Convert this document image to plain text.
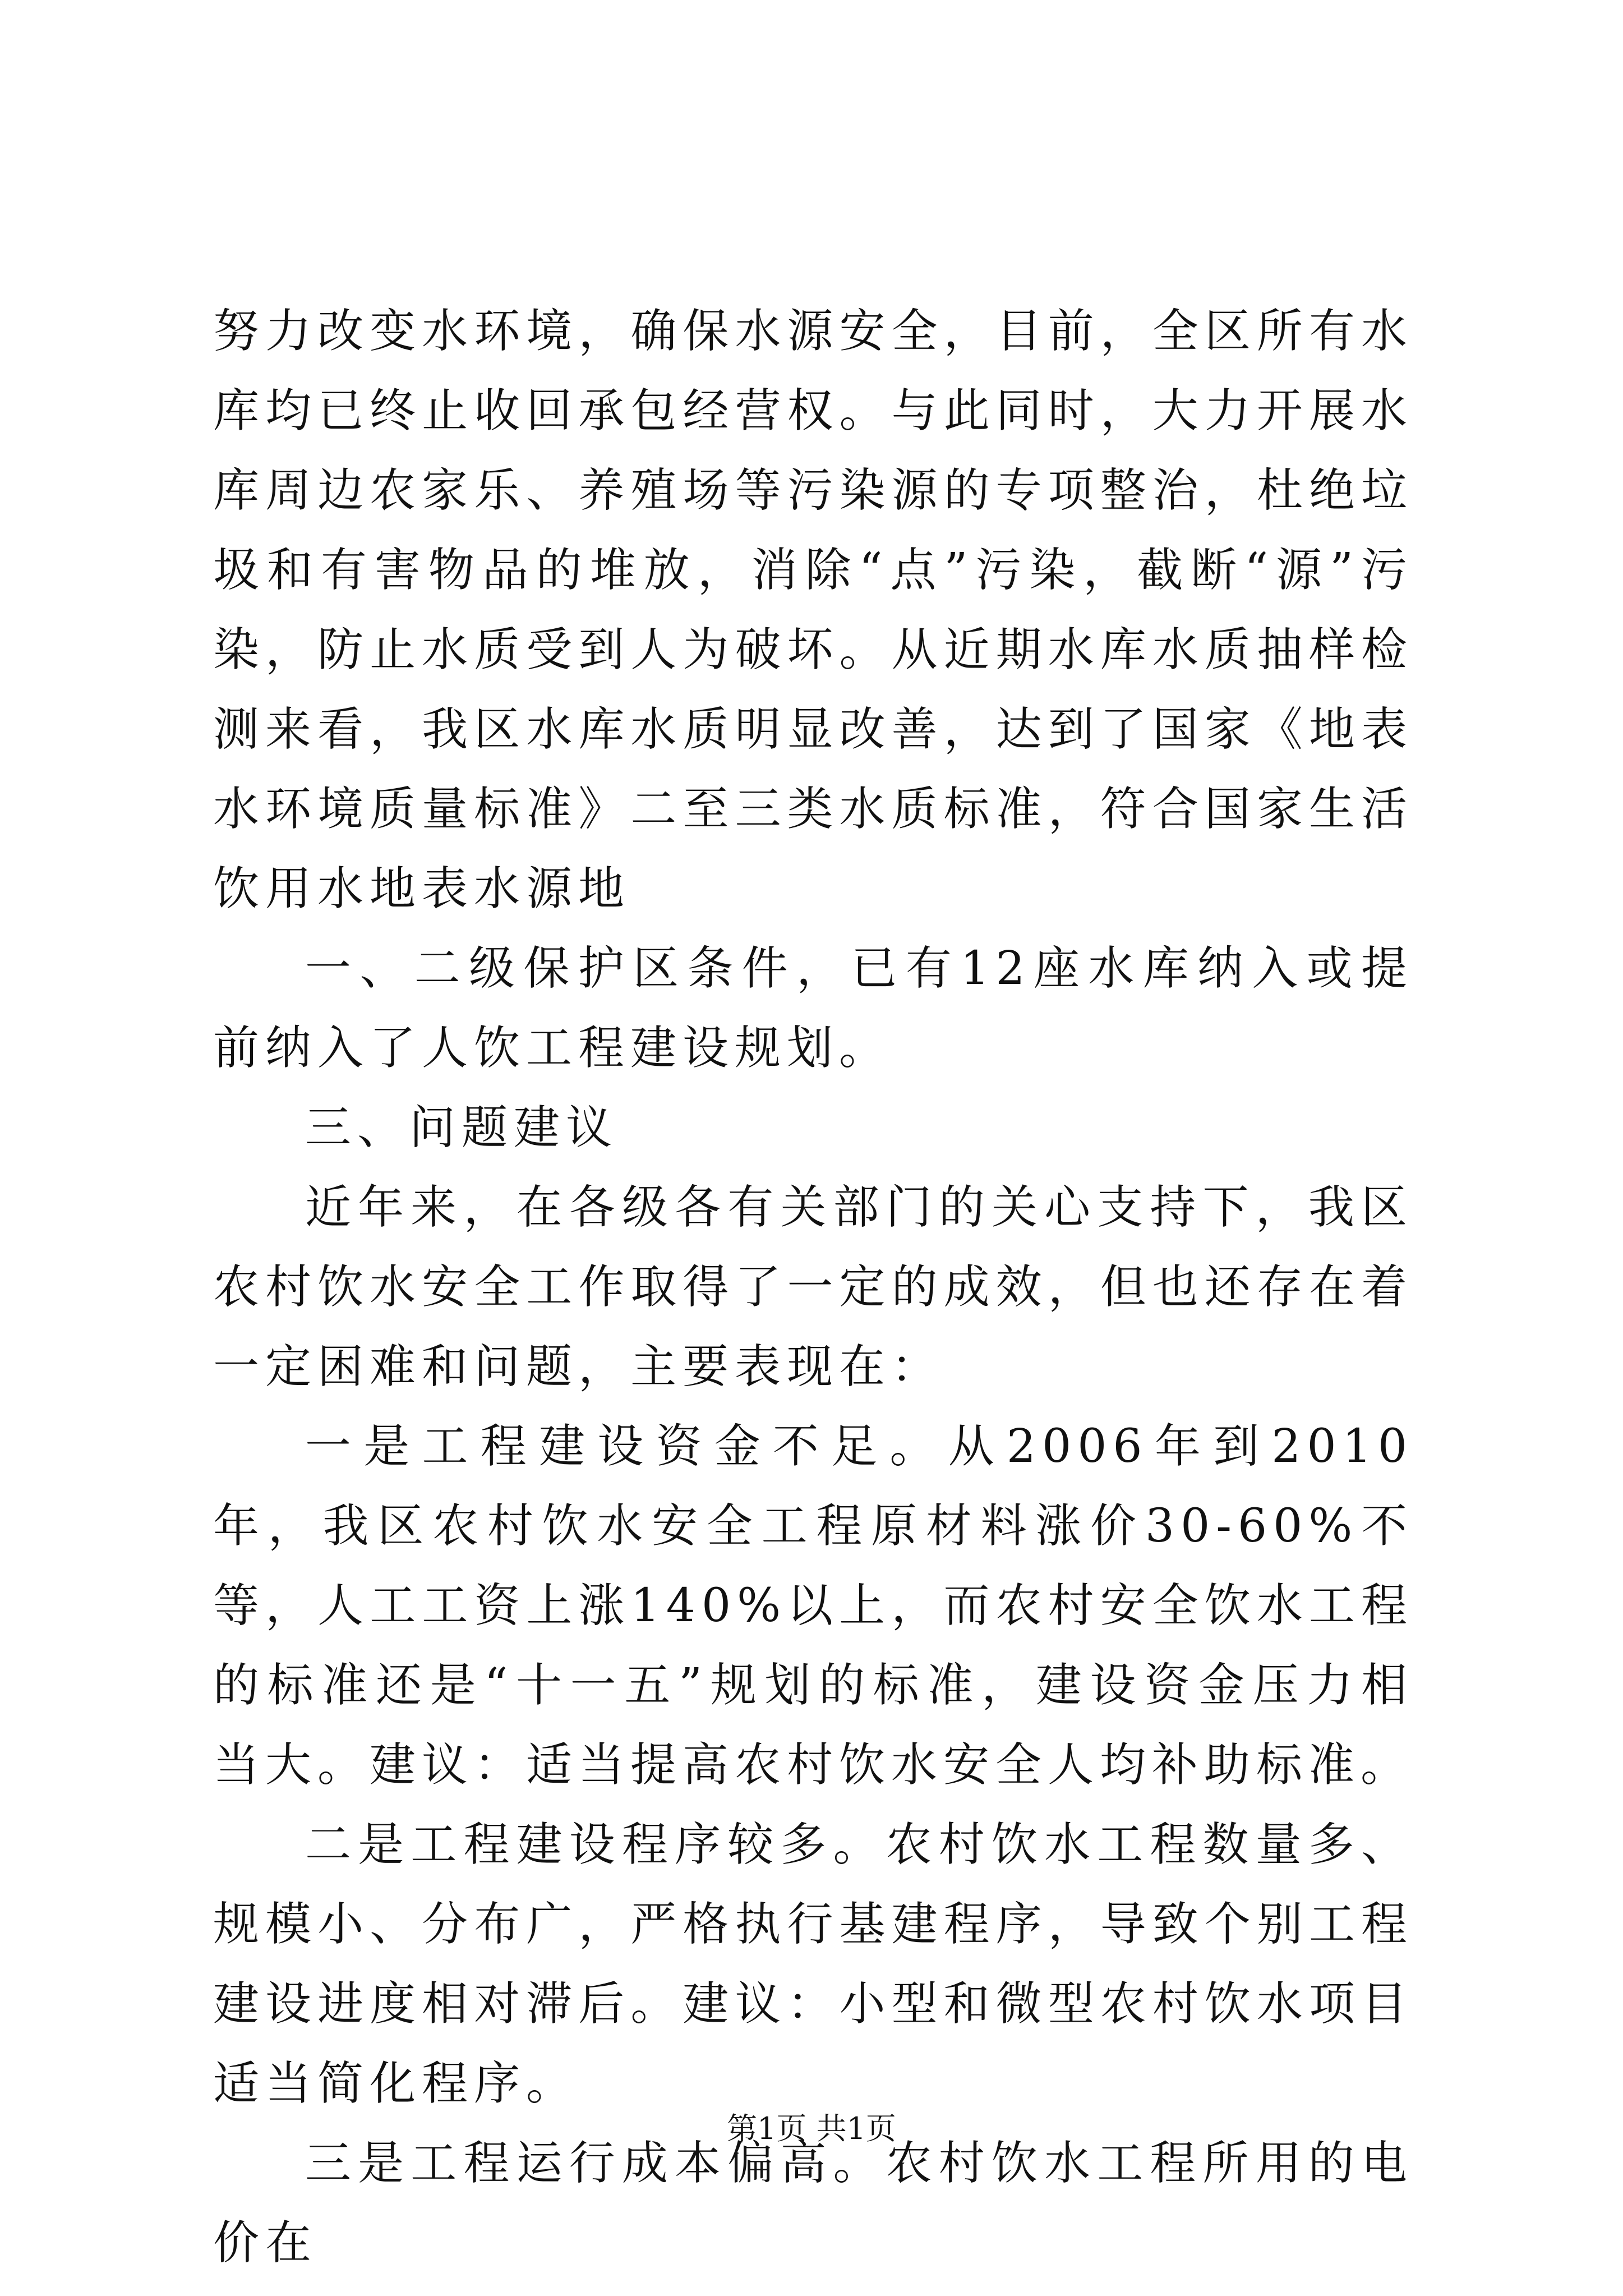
努力改变水环境，确保水源安全，目前，全区所有水库均已终止收回承包经营权。与此同时，大力开展水库周边农家乐、养殖场等污染源的专项整治，杜绝垃圾和有害物品的堆放，消除“点”污染，截断“源”污染，防止水质受到人为破坏。从近期水库水质抽样检测来看，我区水库水质明显改善，达到了国家《地表水环境质量标准》二至三类水质标准，符合国家生活饮用水地表水源地

一、二级保护区条件，已有12座水库纳入或提前纳入了人饮工程建设规划。

三、问题建议

近年来，在各级各有关部门的关心支持下，我区农村饮水安全工作取得了一定的成效，但也还存在着一定困难和问题，主要表现在：

一是工程建设资金不足。从2006年到2010年，我区农村饮水安全工程原材料涨价30-60%不等，人工工资上涨140%以上，而农村安全饮水工程的标准还是“十一五”规划的标准，建设资金压力相当大。建议：适当提高农村饮水安全人均补助标准。

二是工程建设程序较多。农村饮水工程数量多、规模小、分布广，严格执行基建程序，导致个别工程建设进度相对滞后。建议：小型和微型农村饮水项目适当简化程序。

三是工程运行成本偏高。农村饮水工程所用的电价在

第1页 共1页
